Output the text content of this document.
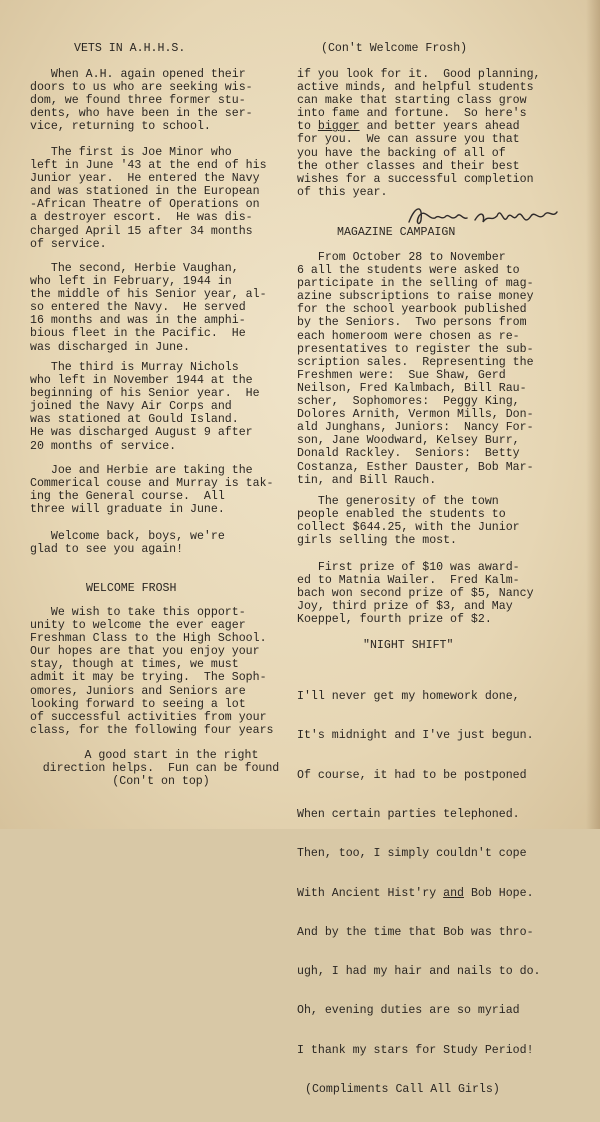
VETS IN A.H.H.S.

When A.H. again opened their
doors to us who are seeking wis-
dom, we found three former stu-
dents, who have been in the ser-
vice, returning to school.

The first is Joe Minor who
left in June '43 at the end of his
Junior year.  He entered the Navy
and was stationed in the European
-African Theatre of Operations on
a destroyer escort.  He was dis-
charged April 15 after 34 months
of service.

The second, Herbie Vaughan,
who left in February, 1944 in
the middle of his Senior year, al-
so entered the Navy.  He served
16 months and was in the amphi-
bious fleet in the Pacific.  He
was discharged in June.

The third is Murray Nichols
who left in November 1944 at the
beginning of his Senior year.  He
joined the Navy Air Corps and
was stationed at Gould Island.
He was discharged August 9 after
20 months of service.

Joe and Herbie are taking the
Commerical couse and Murray is tak-
ing the General course.  All
three will graduate in June.

Welcome back, boys, we're
glad to see you again!

WELCOME FROSH

We wish to take this opport-
unity to welcome the ever eager
Freshman Class to the High School.
Our hopes are that you enjoy your
stay, though at times, we must
admit it may be trying.  The Soph-
omores, Juniors and Seniors are
looking forward to seeing a lot
of successful activities from your
class, for the following four years

A good start in the right
direction helps.  Fun can be found
(Con't on top)

(Con't Welcome Frosh)

if you look for it.  Good planning,
active minds, and helpful students
can make that starting class grow
into fame and fortune.  So here's
to bigger and better years ahead
for you.  We can assure you that
you have the backing of all of
the other classes and their best
wishes for a successful completion
of this year.

MAGAZINE CAMPAIGN

From October 28 to November
6 all the students were asked to
participate in the selling of mag-
azine subscriptions to raise money
for the school yearbook published
by the Seniors.  Two persons from
each homeroom were chosen as re-
presentatives to register the sub-
scription sales.  Representing the
Freshmen were:  Sue Shaw, Gerd
Neilson, Fred Kalmbach, Bill Rau-
scher,  Sophomores:  Peggy King,
Dolores Arnith, Vermon Mills, Don-
ald Junghans, Juniors:  Nancy For-
son, Jane Woodward, Kelsey Burr,
Donald Rackley.  Seniors:  Betty
Costanza, Esther Dauster, Bob Mar-
tin, and Bill Rauch.

The generosity of the town
people enabled the students to
collect $644.25, with the Junior
girls selling the most.

First prize of $10 was award-
ed to Matnia Wailer.  Fred Kalm-
bach won second prize of $5, Nancy
Joy, third prize of $3, and May
Koeppel, fourth prize of $2.

"NIGHT SHIFT"

I'll never get my homework done,

It's midnight and I've just begun.

Of course, it had to be postponed

When certain parties telephoned.

Then, too, I simply couldn't cope

With Ancient Hist'ry and Bob Hope.

And by the time that Bob was thro-

ugh, I had my hair and nails to do.

Oh, evening duties are so myriad

I thank my stars for Study Period!

(Compliments Call All Girls)
